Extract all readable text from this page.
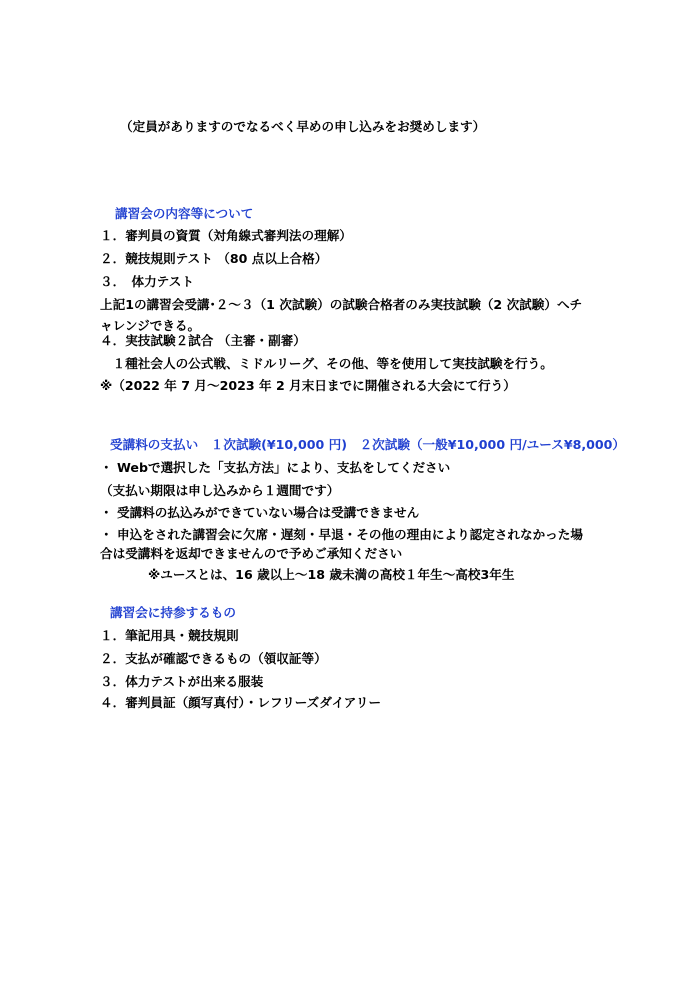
（定員がありますのでなるべく早めの申し込みをお奨めします）
講習会の内容等について
１．審判員の資質（対角線式審判法の理解）
２．競技規則テスト （80 点以上合格）
３．　体力テスト
上記1の講習会受講･２～３（1 次試験）の試験合格者のみ実技試験（2 次試験）へチ
ャレンジできる。
４．実技試験２試合 （主審・副審）
　１種社会人の公式戦、ミドルリーグ、その他、等を使用して実技試験を行う。
※（2022 年 7 月～2023 年 2 月末日までに開催される大会にて行う）
受講料の支払い　１次試験(¥10,000 円)　２次試験（一般¥10,000 円/ユース¥8,000）
・ Webで選択した「支払方法」により、支払をしてください
（支払い期限は申し込みから１週間です）
・ 受講料の払込みができていない場合は受講できません
・ 申込をされた講習会に欠席・遅刻・早退・その他の理由により認定されなかった場
合は受講料を返却できませんので予めご承知ください
※ユースとは、16 歳以上～18 歳未満の高校１年生～高校3年生
講習会に持参するもの
１．筆記用具・競技規則
２．支払が確認できるもの（領収証等）
３．体力テストが出来る服装
４．審判員証（顔写真付）・レフリーズダイアリー
